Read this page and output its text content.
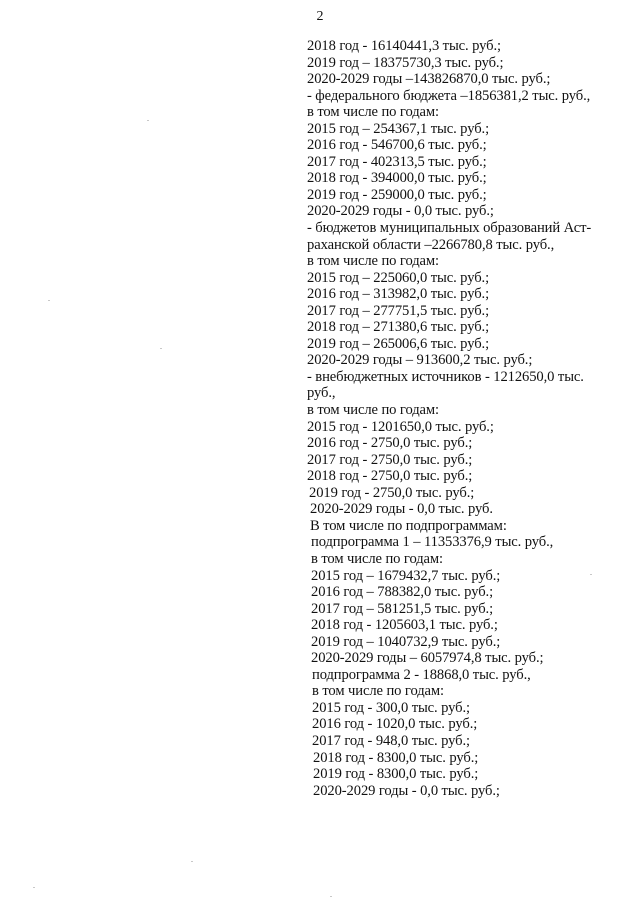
2
2018 год - 16140441,3 тыс. руб.;
2019 год – 18375730,3 тыс. руб.;
2020-2029 годы –143826870,0 тыс. руб.;
- федерального бюджета –1856381,2 тыс. руб.,
в том числе по годам:
2015 год – 254367,1 тыс. руб.;
2016 год - 546700,6 тыс. руб.;
2017 год - 402313,5 тыс. руб.;
2018 год - 394000,0 тыс. руб.;
2019 год - 259000,0 тыс. руб.;
2020-2029 годы - 0,0 тыс. руб.;
- бюджетов муниципальных образований Аст-
раханской области –2266780,8 тыс. руб.,
в том числе по годам:
2015 год – 225060,0 тыс. руб.;
2016 год – 313982,0 тыс. руб.;
2017 год – 277751,5 тыс. руб.;
2018 год – 271380,6 тыс. руб.;
2019 год – 265006,6 тыс. руб.;
2020-2029 годы – 913600,2 тыс. руб.;
- внебюджетных источников - 1212650,0 тыс.
руб.,
в том числе по годам:
2015 год - 1201650,0 тыс. руб.;
2016 год - 2750,0 тыс. руб.;
2017 год - 2750,0 тыс. руб.;
2018 год - 2750,0 тыс. руб.;
2019 год - 2750,0 тыс. руб.;
2020-2029 годы - 0,0 тыс. руб.
В том числе по подпрограммам:
подпрограмма 1 – 11353376,9 тыс. руб.,
в том числе по годам:
2015 год – 1679432,7 тыс. руб.;
2016 год – 788382,0 тыс. руб.;
2017 год – 581251,5 тыс. руб.;
2018 год - 1205603,1 тыс. руб.;
2019 год – 1040732,9 тыс. руб.;
2020-2029 годы – 6057974,8 тыс. руб.;
подпрограмма 2 - 18868,0 тыс. руб.,
в том числе по годам:
2015 год - 300,0 тыс. руб.;
2016 год - 1020,0 тыс. руб.;
2017 год - 948,0 тыс. руб.;
2018 год - 8300,0 тыс. руб.;
2019 год - 8300,0 тыс. руб.;
2020-2029 годы - 0,0 тыс. руб.;
